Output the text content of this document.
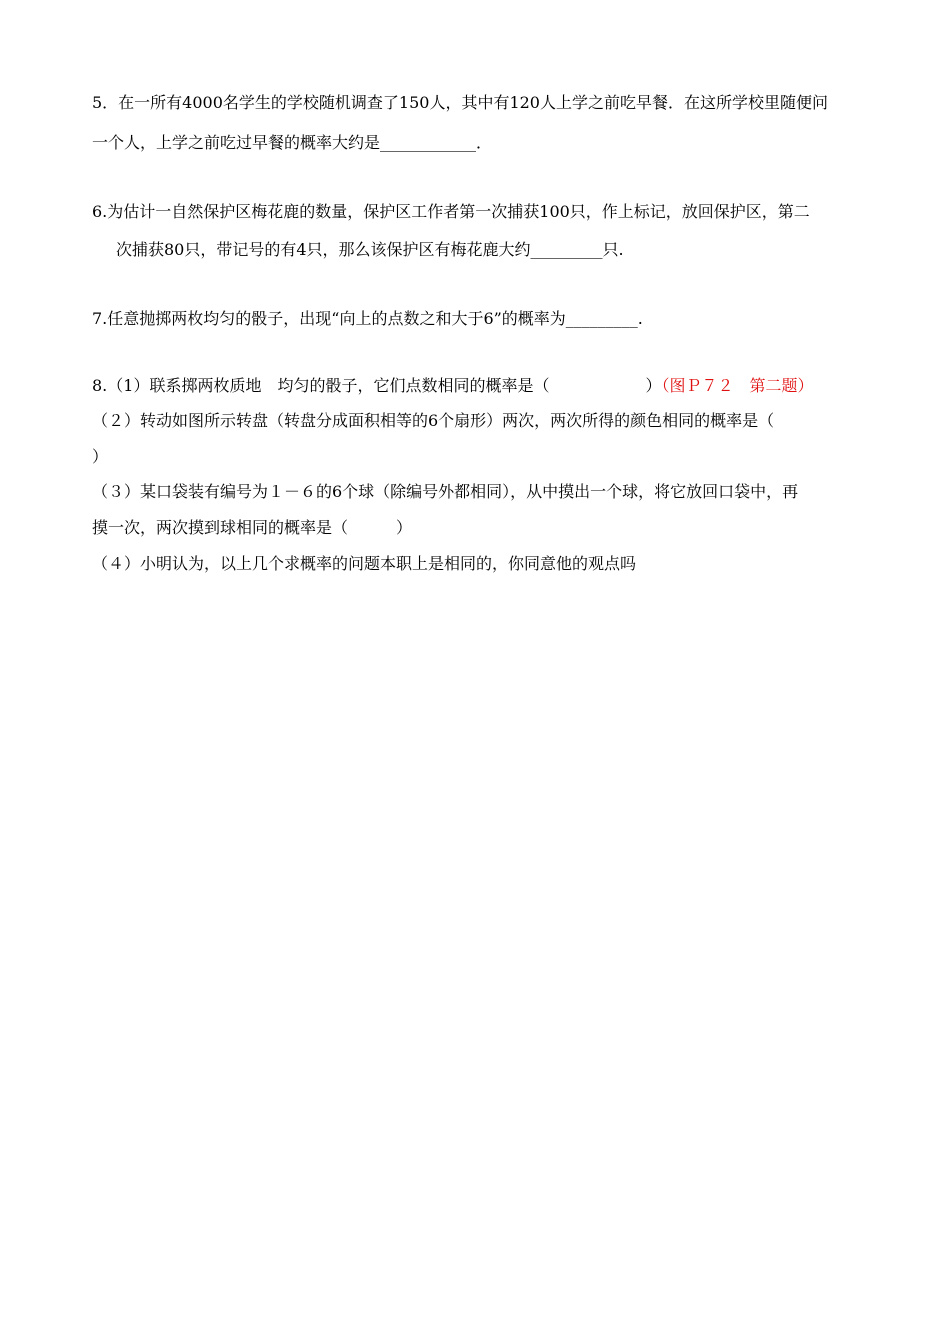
5．在一所有4000名学生的学校随机调查了150人，其中有120人上学之前吃早餐．在这所学校里随便问
一个人，上学之前吃过早餐的概率大约是____________．
6.为估计一自然保护区梅花鹿的数量，保护区工作者第一次捕获100只，作上标记，放回保护区，第二
次捕获80只，带记号的有4只，那么该保护区有梅花鹿大约_________只.
7.任意抛掷两枚均匀的骰子，出现“向上的点数之和大于6”的概率为_________.
8.（1）联系掷两枚质地　均匀的骰子，它们点数相同的概率是（　　　　　　）（图Ｐ７２　第二题）
（２）转动如图所示转盘（转盘分成面积相等的6个扇形）两次，两次所得的颜色相同的概率是（
）
（３）某口袋装有编号为１－６的6个球（除编号外都相同），从中摸出一个球，将它放回口袋中，再
摸一次，两次摸到球相同的概率是（　　　）
（４）小明认为，以上几个求概率的问题本职上是相同的，你同意他的观点吗
